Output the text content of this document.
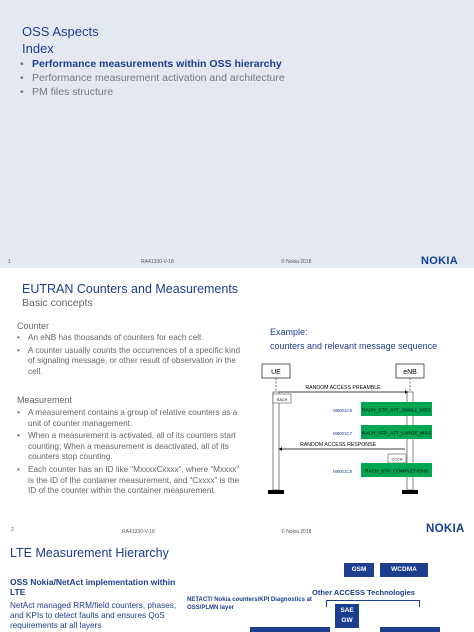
OSS Aspects
Index
• Performance measurements within OSS hierarchy
• Performance measurement activation and architecture
• PM files structure
1	RA41330-V-18	© Nokia 2018	NOKIA
EUTRAN Counters and Measurements
Basic concepts
Counter
• An eNB has thousands of counters for each cell.
• A counter usually counts the occurrences of a specific kind of signaling message, or other result of observation in the cell.
Measurement
• A measurement contains a group of relative counters as a unit of counter management.
• When a measurement is activated, all of its counters start counting; When a measurement is deactivated, all of its counters stop counting.
• Each counter has an ID like “MxxxxCxxxx”, where “Mxxxx” is the ID of the container measurement, and “Cxxxx” is the ID of the counter within the container measurement.
Example:
counters and relevant message sequence
UE	eNB
RANDOM ACCESS PREAMBLE
RACH
M8001C6 RACH_STP_ATT_SMALL_MSG
M8001C7 RACH_STP_ATT_LARGE_MSG
RANDOM ACCESS RESPONSE
CCCH
M8001C8	RACH_STP_COMPLETIONS
2	RA41330-V-18	© Nokia 2018	NOKIA
LTE Measurement Hierarchy
OSS Nokia/NetAct implementation within LTE
NetAct managed RRM/field counters, phases, and KPIs to detect faults and ensures QoS requirements at all layers
NETACT/ Nokia counters/KPI Diagnostics at OSS/PLMN layer
Other ACCESS Technologies
GSM	WCDMA
SAE GW
